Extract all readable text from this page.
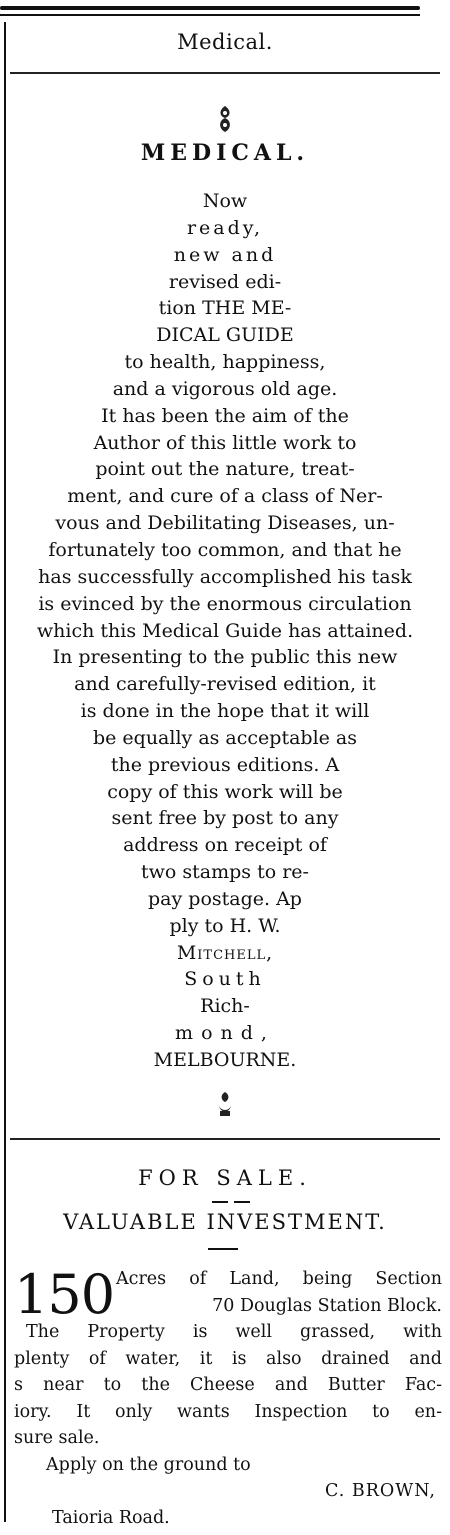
Medical.
MEDICAL.
Now
ready,
new and
revised edi-
tion THE ME-
DICAL GUIDE
to health, happiness,
and a vigorous old age.
It has been the aim of the
Author of this little work to
point out the nature, treat-
ment, and cure of a class of Ner-
vous and Debilitating Diseases, un-
fortunately too common, and that he
has successfully accomplished his task
is evinced by the enormous circulation
which this Medical Guide has attained.
In presenting to the public this new
and carefully-revised edition, it
is done in the hope that it will
be equally as acceptable as
the previous editions. A
copy of this work will be
sent free by post to any
address on receipt of
two stamps to re-
pay postage. Ap
ply to H. W.
Mitchell,
South
Rich-
mond,
MELBOURNE.
FOR SALE.
VALUABLE INVESTMENT.
150 Acres of Land, being Section
70 Douglas Station Block.
The Property is well grassed, with
plenty of water, it is also drained and
s near to the Cheese and Butter Fac-
iory. It only wants Inspection to en-
sure sale.
Apply on the ground to
C. BROWN,
Taioria Road.
